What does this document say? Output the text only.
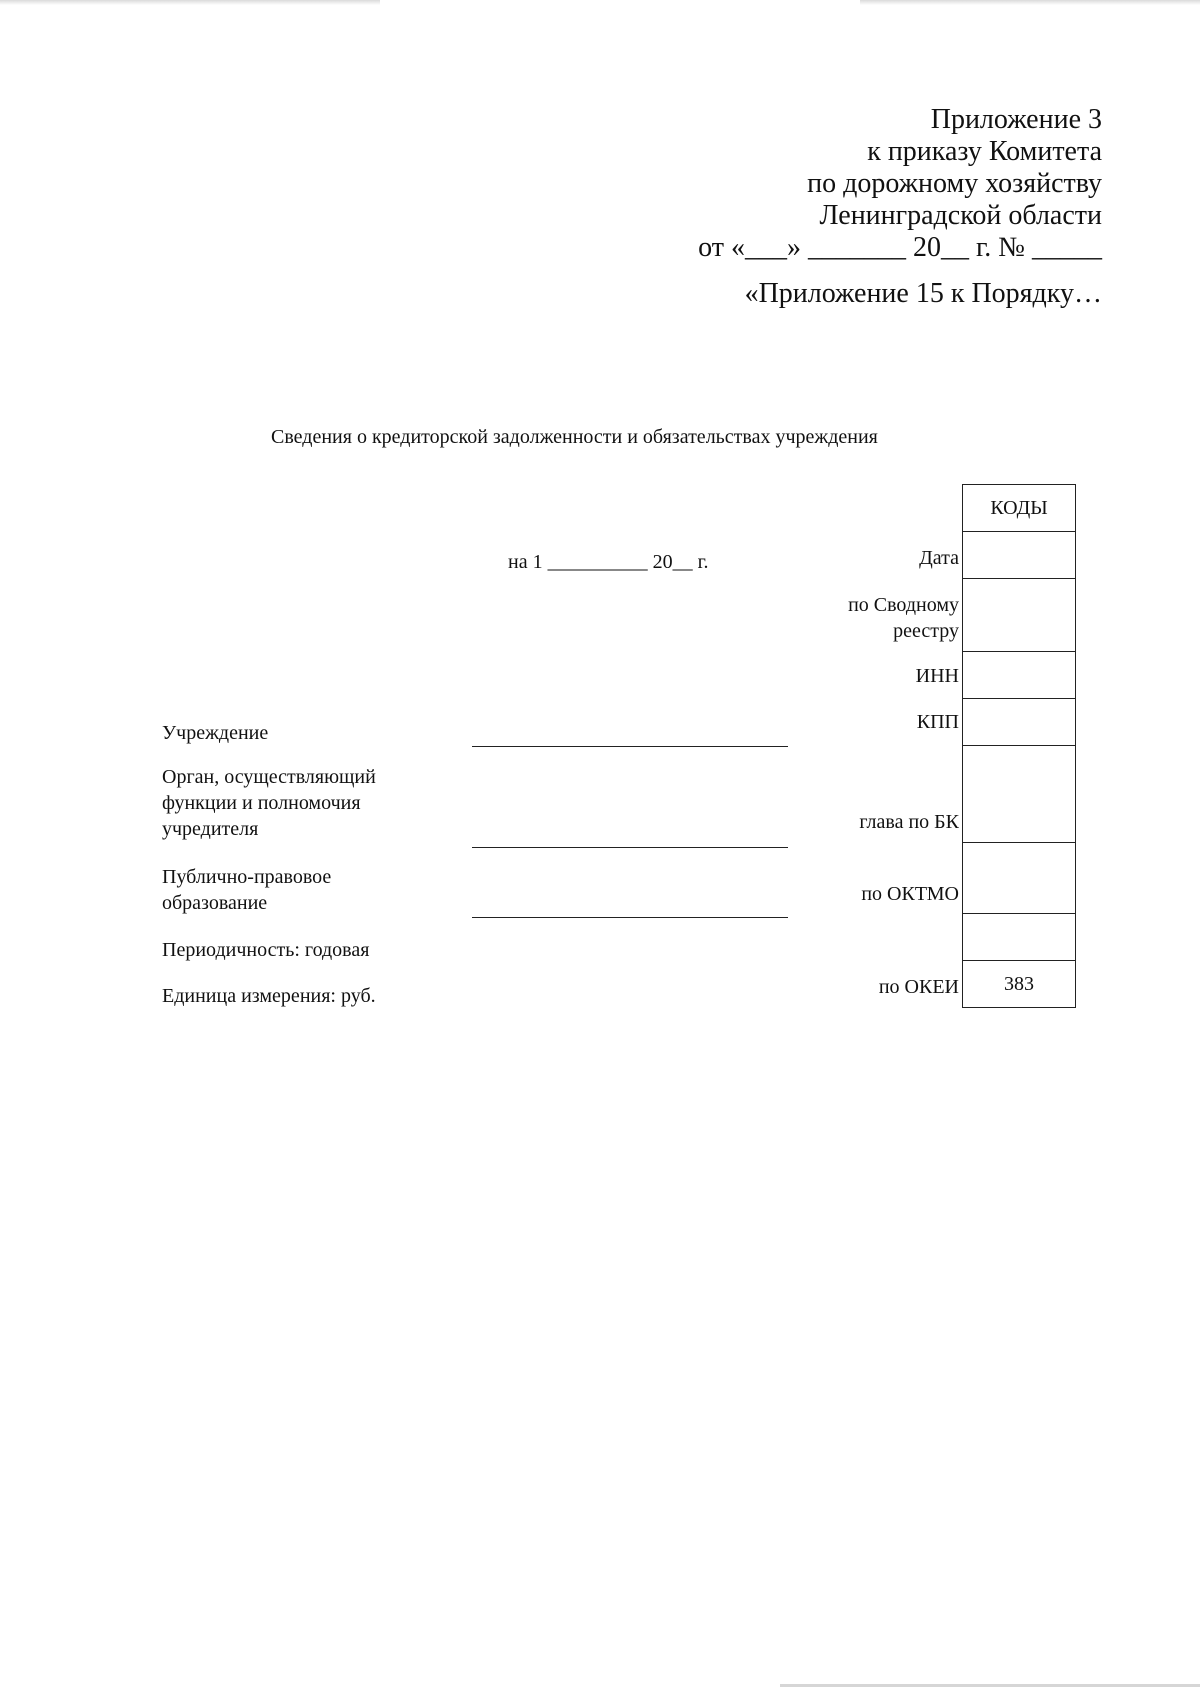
Приложение 3
к приказу Комитета
по дорожному хозяйству
Ленинградской области
от «___» _______ 20__ г. № _____
«Приложение 15 к Порядку…
Сведения о кредиторской задолженности и обязательствах учреждения
на 1 __________ 20__ г.
Учреждение
Орган, осуществляющий функции и полномочия учредителя
Публично-правовое образование
Периодичность: годовая
Единица измерения: руб.
Дата
по Сводному реестру
ИНН
КПП
глава по БК
по ОКТМО
по ОКЕИ
КОДЫ
383
